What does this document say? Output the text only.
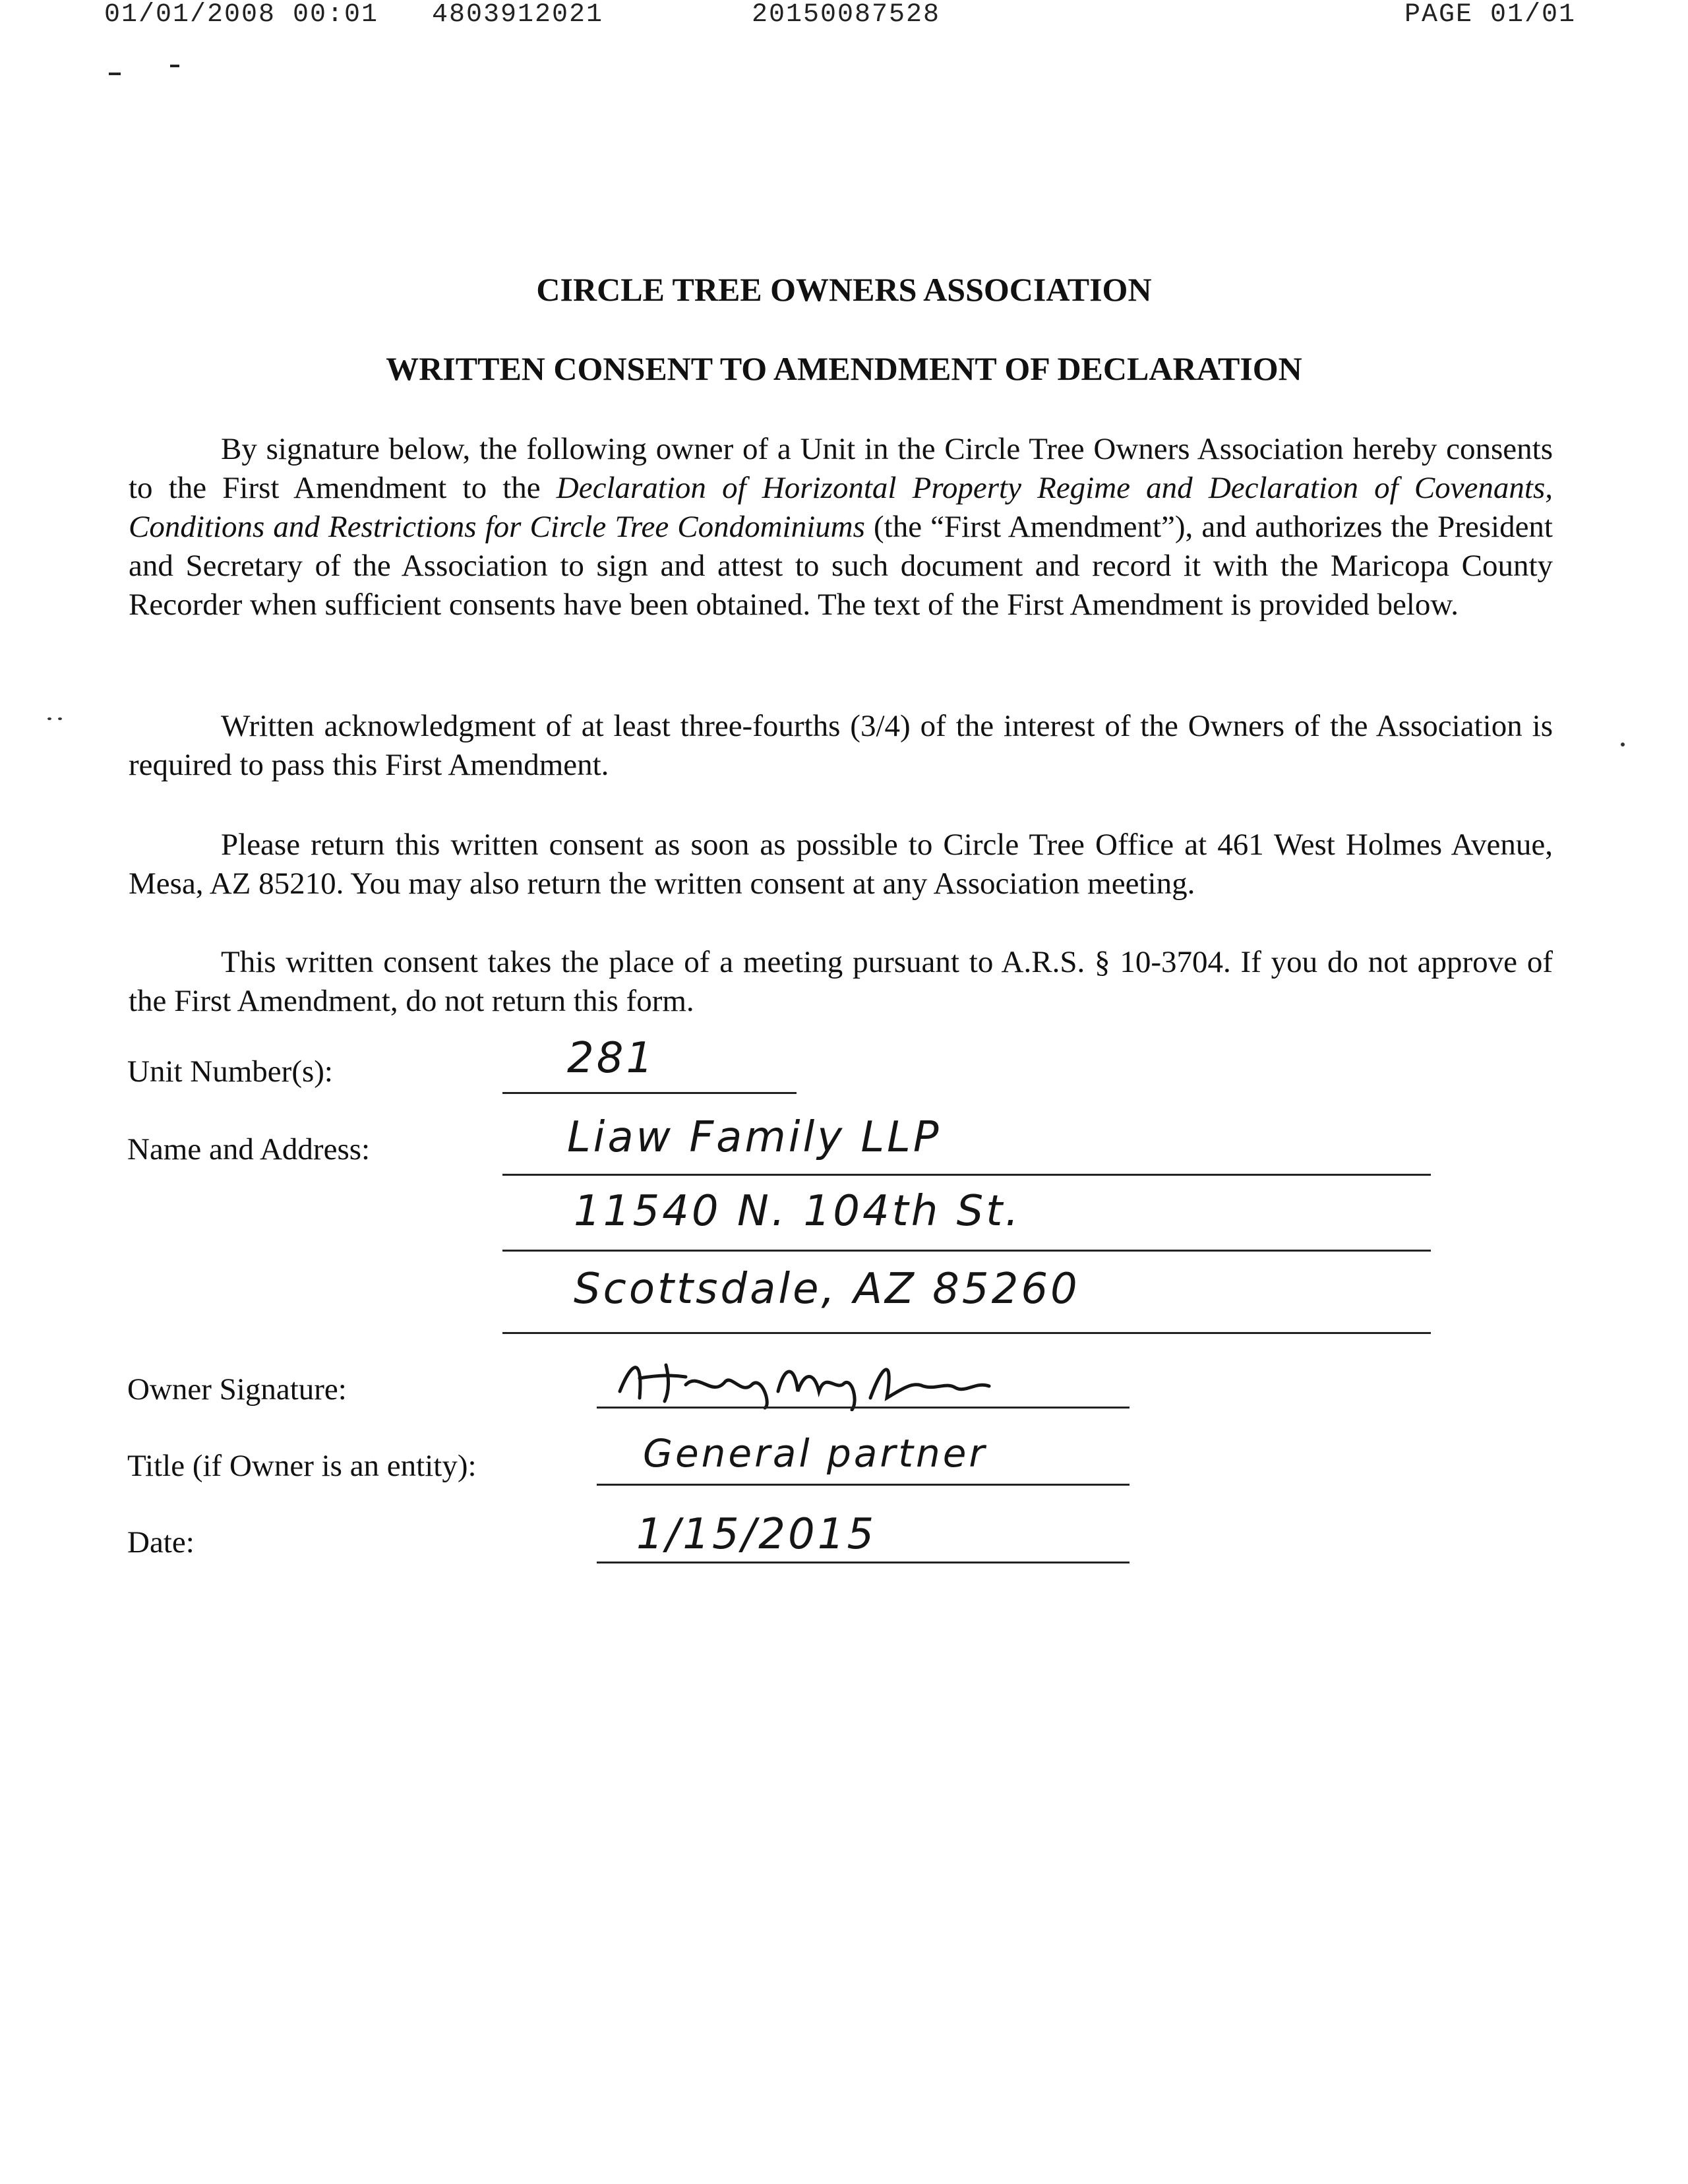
01/01/2008 00:01 4803912021	20150087528	PAGE 01/01
CIRCLE TREE OWNERS ASSOCIATION
WRITTEN CONSENT TO AMENDMENT OF DECLARATION
By signature below, the following owner of a Unit in the Circle Tree Owners Association hereby consents to the First Amendment to the Declaration of Horizontal Property Regime and Declaration of Covenants, Conditions and Restrictions for Circle Tree Condominiums (the “First Amendment”), and authorizes the President and Secretary of the Association to sign and attest to such document and record it with the Maricopa County Recorder when sufficient consents have been obtained. The text of the First Amendment is provided below.
Written acknowledgment of at least three-fourths (3/4) of the interest of the Owners of the Association is required to pass this First Amendment.
Please return this written consent as soon as possible to Circle Tree Office at 461 West Holmes Avenue, Mesa, AZ 85210. You may also return the written consent at any Association meeting.
This written consent takes the place of a meeting pursuant to A.R.S. § 10-3704. If you do not approve of the First Amendment, do not return this form.
Unit Number(s):	281
Name and Address:	Liaw Family LLP
11540 N. 104th St.
Scottsdale, AZ 85260
Owner Signature:
Title (if Owner is an entity):	General partner
Date:	1/15/2015
